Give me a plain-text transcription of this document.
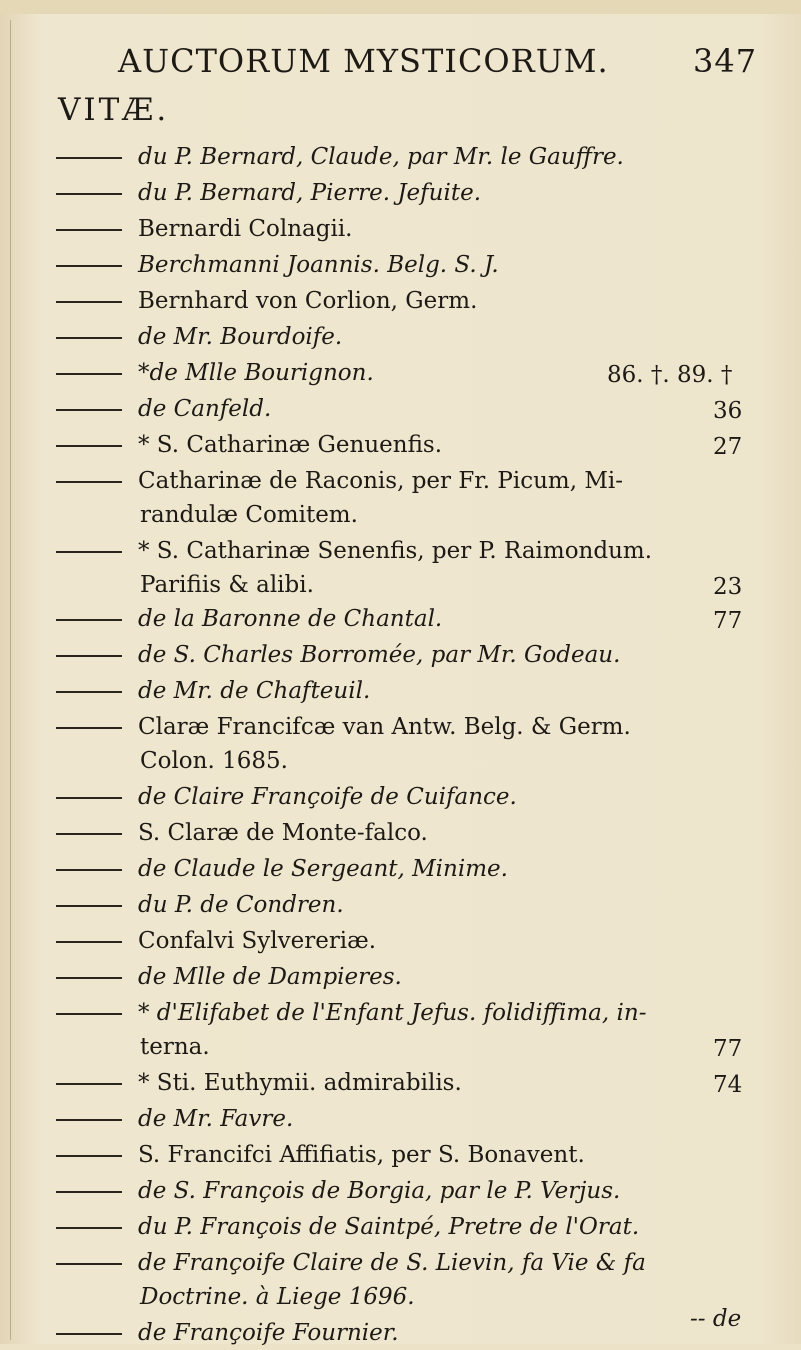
AUCTORUM MYSTICORUM.	347
VITÆ.
du P. Bernard, Claude, par Mr. le Gauffre.
du P. Bernard, Pierre. Jefuite.
Bernardi Colnagii.
Berchmanni Joannis. Belg. S. J.
Bernhard von Corlion, Germ.
de Mr. Bourdoife.
*de Mlle Bourignon.	86. †. 89. †
de Canfeld.	36
* S. Catharinæ Genuenfis.	27
Catharinæ de Raconis, per Fr. Picum, Mi-
randulæ Comitem.
* S. Catharinæ Senenfis, per P. Raimondum.
Parifiis & alibi.	23
de la Baronne de Chantal.	77
de S. Charles Borromée, par Mr. Godeau.
de Mr. de Chafteuil.
Claræ Francifcæ van Antw. Belg. & Germ.
Colon. 1685.
de Claire Françoife de Cuifance.
S. Claræ de Monte-falco.
de Claude le Sergeant, Minime.
du P. de Condren.
Confalvi Sylvereriæ.
de Mlle de Dampieres.
* d'Elifabet de l'Enfant Jefus. folidiffima, in-
terna.	77
* Sti. Euthymii. admirabilis.	74
de Mr. Favre.
S. Francifci Affifiatis, per S. Bonavent.
de S. François de Borgia, par le P. Verjus.
du P. François de Saintpé, Pretre de l'Orat.
de Françoife Claire de S. Lievin, fa Vie & fa
Doctrine. à Liege 1696.
de Françoife Fournier.
-- de
